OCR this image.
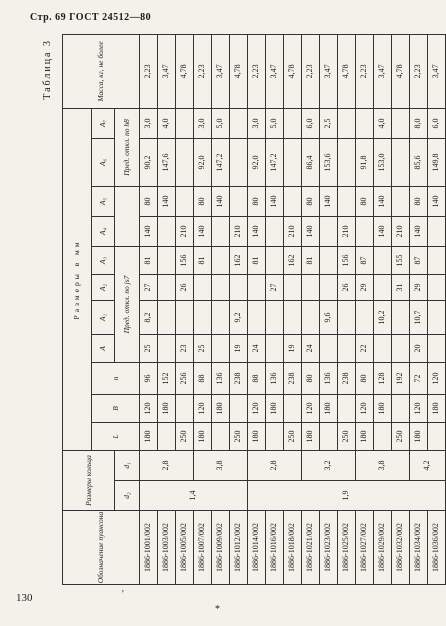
Стр. 69 ГОСТ 24512—80
Обозначение пуансона	Размеры кольца		Размеры в мм											Масса, кг, не более
			L	B	n	A	A₁	A₂	A₃	A₄	A₅	A₆	A₇	
	d₂	d₁				Пред. откл. по js7						Пред. откл. по h8		
1886-1001/002	1,4	2,8	180	120	96	25	8,2	27	81	140	80	90,2	3,0	2,23
1886-1003/002				180	152						140	147,6	4,0	3,47
1886-1005/002			250		256	23		26	156	210				4,78
1886-1007/002		3,8	180	120	88	25			81	140	80	92,0	3,0	2,23
1886-1009/002				180	136						140	147,2	5,0	3,47
1886-1012/002			250		238	19	9,2		162	210				4,78
1886-1014/002	1,9	2,8	180	120	88	24			81	140	80	92,0	3,0	2,23
1886-1016/002				180	136			27			140	147,2	5,0	3,47
1886-1018/002			250		238	19			162	210				4,78
1886-1021/002		3,2	180	120	80	24			81	140	80	86,4	6,0	2,23
1886-1023/002				180	136		9,6				140	153,6	2,5	3,47
1886-1025/002			250		238			26	156	210				4,78
1886-1027/002		3,8	180	120	80	22		29	87		80	91,8		2,23
1886-1029/002				180	128		10,2			140	140	153,0	4,0	3,47
1886-1032/002			250		192			31	155	210				4,78
1886-1034/002		4,2	180	120	72	20	10,7	29	87	140	80	85,6	8,0	2,23
1886-1036/002				180	120						140	149,8	6,0	3,47
Таблица 3
130	'
*
